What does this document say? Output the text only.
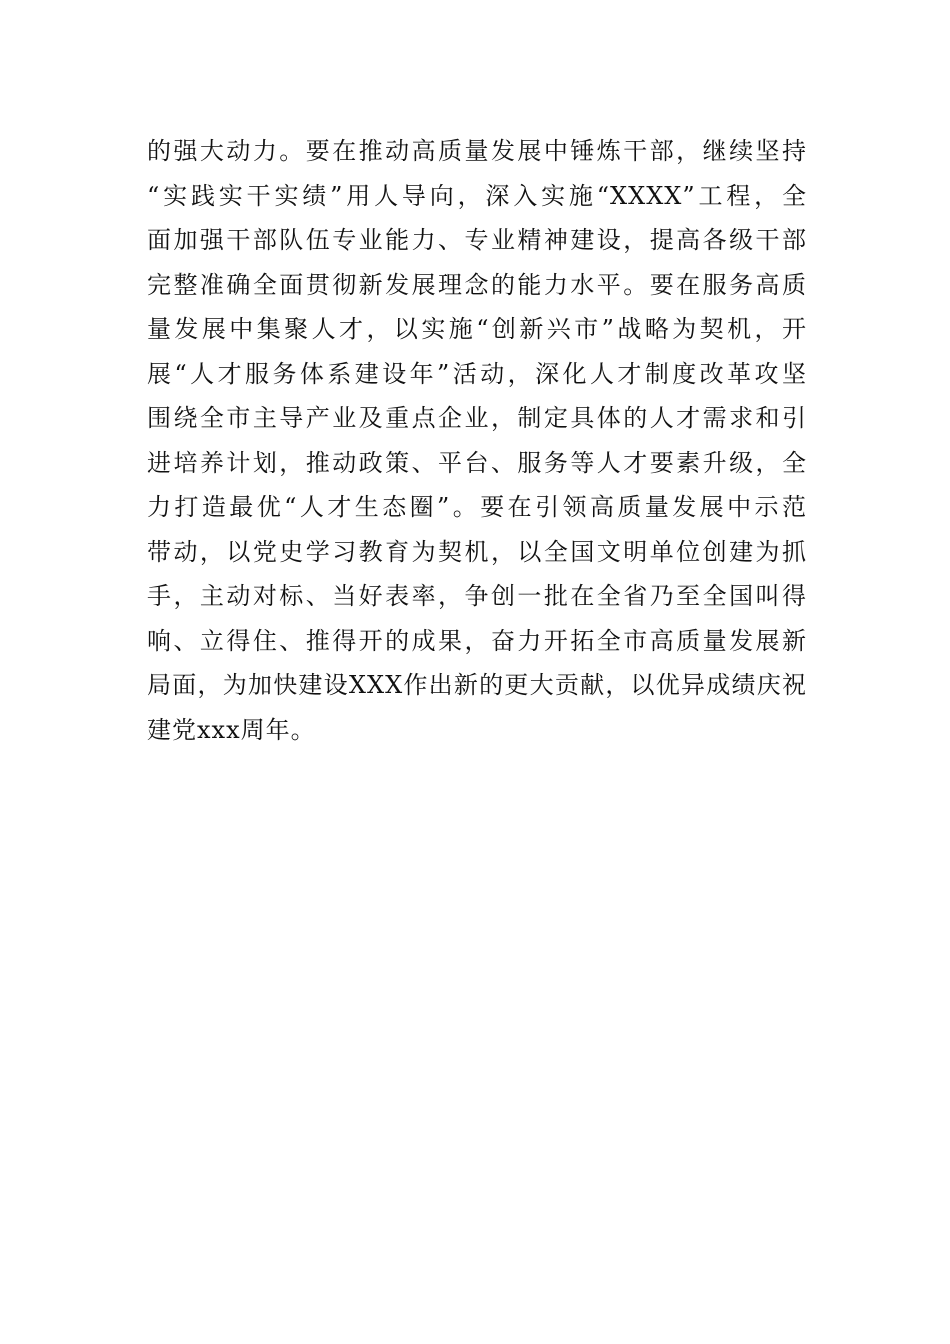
的强大动力。要在推动高质量发展中锤炼干部，继续坚持
“实践实干实绩”用人导向，深入实施“XXXX”工程，全
面加强干部队伍专业能力、专业精神建设，提高各级干部
完整准确全面贯彻新发展理念的能力水平。要在服务高质
量发展中集聚人才，以实施“创新兴市”战略为契机，开
展“人才服务体系建设年”活动，深化人才制度改革攻坚
围绕全市主导产业及重点企业，制定具体的人才需求和引
进培养计划，推动政策、平台、服务等人才要素升级，全
力打造最优“人才生态圈”。要在引领高质量发展中示范
带动，以党史学习教育为契机，以全国文明单位创建为抓
手，主动对标、当好表率，争创一批在全省乃至全国叫得
响、立得住、推得开的成果，奋力开拓全市高质量发展新
局面，为加快建设XXX作出新的更大贡献，以优异成绩庆祝
建党xxx周年。
